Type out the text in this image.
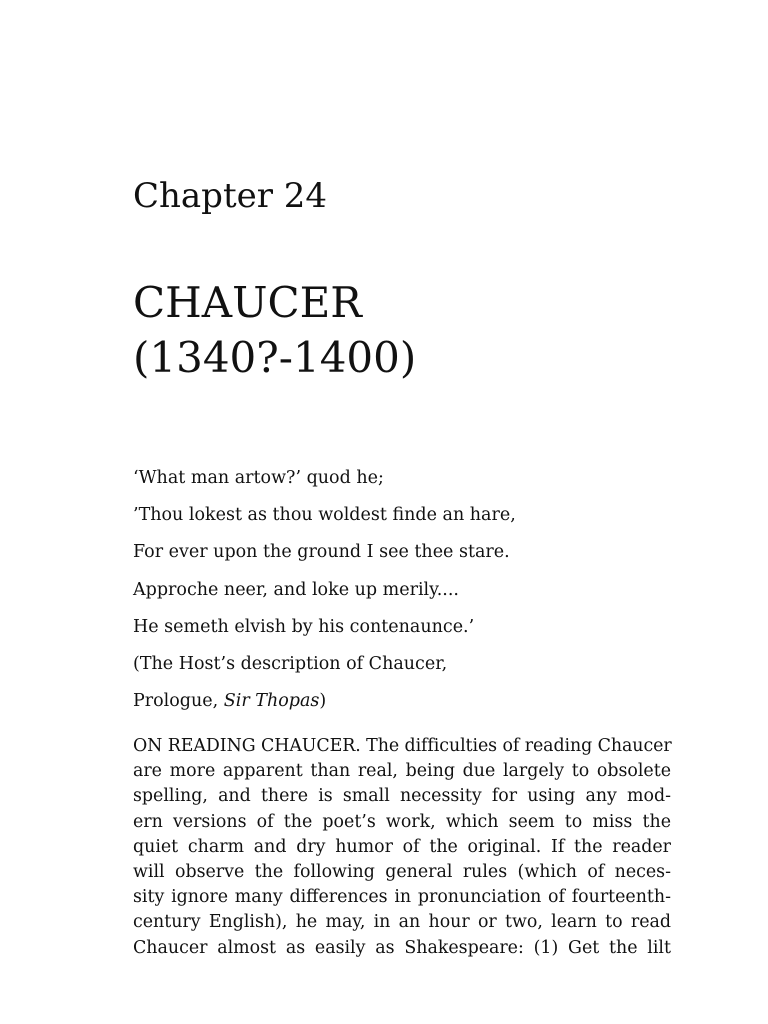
Chapter 24
CHAUCER
(1340?-1400)
‘What man artow?’ quod he;
’Thou lokest as thou woldest finde an hare,
For ever upon the ground I see thee stare.
Approche neer, and loke up merily....
He semeth elvish by his contenaunce.’
(The Host’s description of Chaucer,
Prologue, Sir Thopas)
ON READING CHAUCER. The difficulties of reading Chaucer
are more apparent than real, being due largely to obsolete
spelling, and there is small necessity for using any mod-
ern versions of the poet’s work, which seem to miss the
quiet charm and dry humor of the original. If the reader
will observe the following general rules (which of neces-
sity ignore many differences in pronunciation of fourteenth-
century English), he may, in an hour or two, learn to read
Chaucer almost as easily as Shakespeare: (1) Get the lilt
